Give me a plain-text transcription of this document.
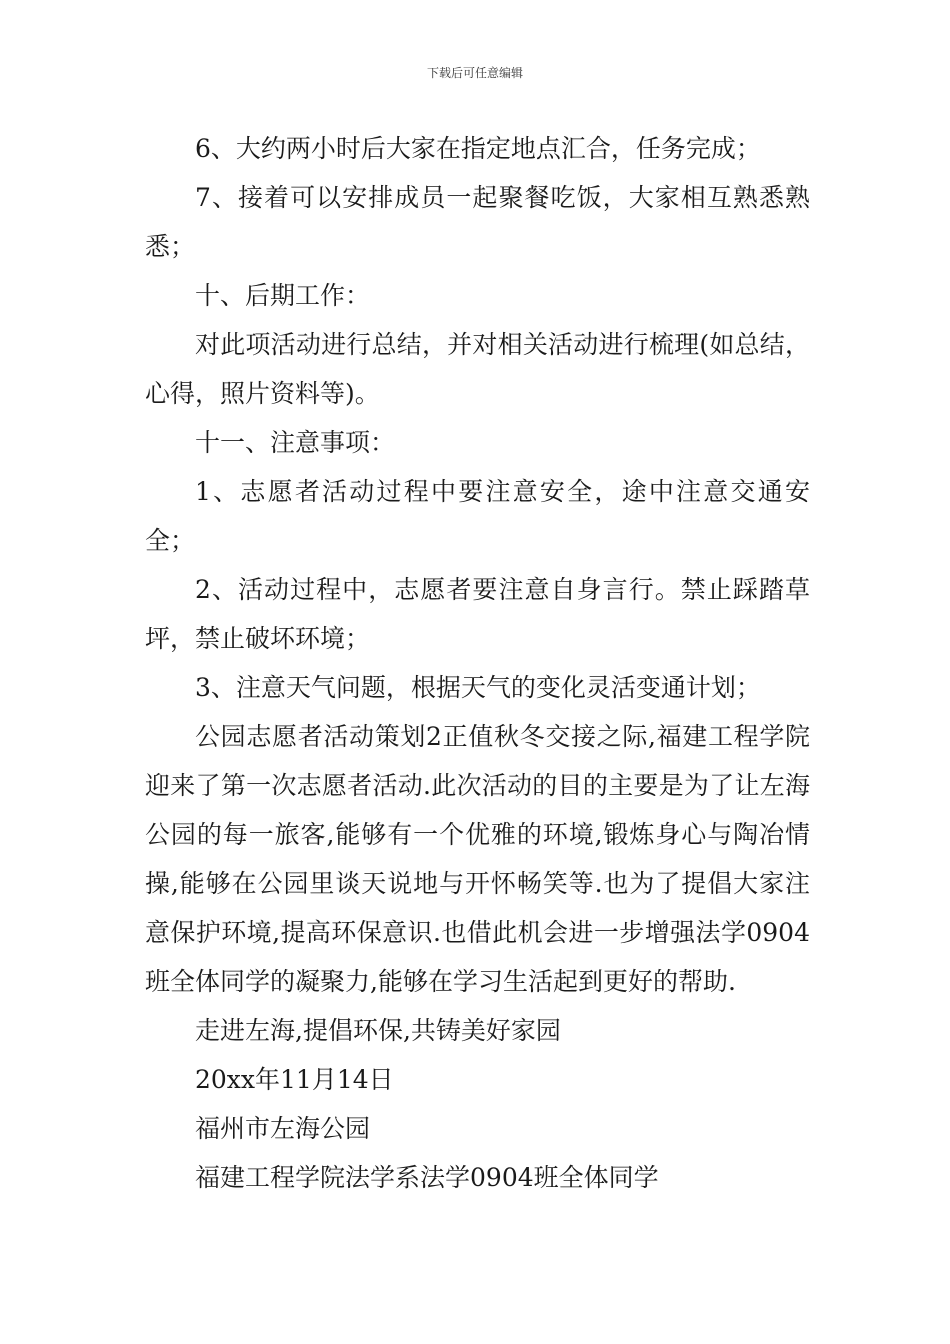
下载后可任意编辑

6、大约两小时后大家在指定地点汇合，任务完成；

7、接着可以安排成员一起聚餐吃饭，大家相互熟悉熟悉；

十、后期工作：

对此项活动进行总结，并对相关活动进行梳理(如总结，心得，照片资料等)。

十一、注意事项：

1、志愿者活动过程中要注意安全，途中注意交通安全；

2、活动过程中，志愿者要注意自身言行。禁止踩踏草坪，禁止破坏环境；

3、注意天气问题，根据天气的变化灵活变通计划；

公园志愿者活动策划2正值秋冬交接之际,福建工程学院迎来了第一次志愿者活动.此次活动的目的主要是为了让左海公园的每一旅客,能够有一个优雅的环境,锻炼身心与陶冶情操,能够在公园里谈天说地与开怀畅笑等.也为了提倡大家注意保护环境,提高环保意识.也借此机会进一步增强法学0904班全体同学的凝聚力,能够在学习生活起到更好的帮助.

走进左海,提倡环保,共铸美好家园

20xx年11月14日

福州市左海公园

福建工程学院法学系法学0904班全体同学
